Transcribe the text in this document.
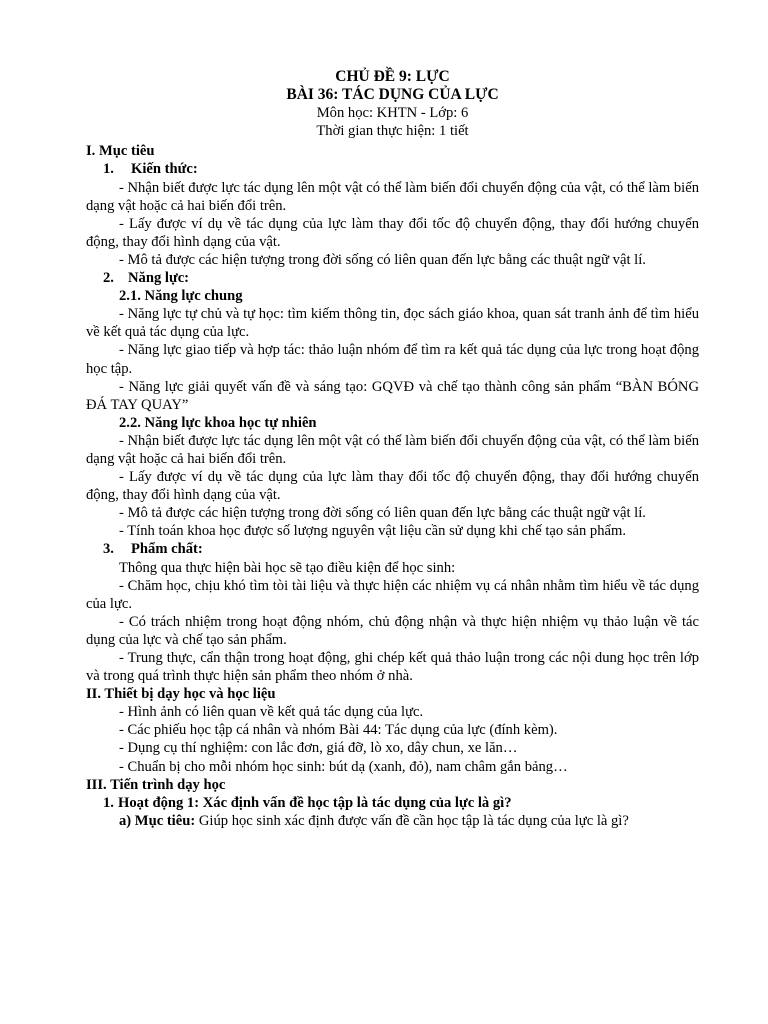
CHỦ ĐỀ 9: LỰC
BÀI 36: TÁC DỤNG CỦA LỰC
Môn học: KHTN - Lớp: 6
Thời gian thực hiện: 1 tiết
I. Mục tiêu
1. Kiến thức:
- Nhận biết được lực tác dụng lên một vật có thể làm biến đổi chuyển động của vật, có thể làm biến dạng vật hoặc cả hai biến đổi trên.
- Lấy được ví dụ về tác dụng của lực làm thay đổi tốc độ chuyển động, thay đổi hướng chuyển động, thay đổi hình dạng của vật.
- Mô tả được các hiện tượng trong đời sống có liên quan đến lực bằng các thuật ngữ vật lí.
2. Năng lực:
2.1. Năng lực chung
- Năng lực tự chủ và tự học: tìm kiếm thông tin, đọc sách giáo khoa, quan sát tranh ảnh để tìm hiểu về kết quả tác dụng của lực.
- Năng lực giao tiếp và hợp tác: thảo luận nhóm để tìm ra kết quả tác dụng của lực trong hoạt động học tập.
- Năng lực giải quyết vấn đề và sáng tạo: GQVĐ và chế tạo thành công sản phẩm “BÀN BÓNG ĐÁ TAY QUAY”
2.2. Năng lực khoa học tự nhiên
- Nhận biết được lực tác dụng lên một vật có thể làm biến đổi chuyển động của vật, có thể làm biến dạng vật hoặc cả hai biến đổi trên.
- Lấy được ví dụ về tác dụng của lực làm thay đổi tốc độ chuyển động, thay đổi hướng chuyển động, thay đổi hình dạng của vật.
- Mô tả được các hiện tượng trong đời sống có liên quan đến lực bằng các thuật ngữ vật lí.
- Tính toán khoa học được số lượng nguyên vật liệu cần sử dụng khi chế tạo sản phẩm.
3. Phẩm chất:
Thông qua thực hiện bài học sẽ tạo điều kiện để học sinh:
- Chăm học, chịu khó tìm tòi tài liệu và thực hiện các nhiệm vụ cá nhân nhằm tìm hiểu về tác dụng của lực.
- Có trách nhiệm trong hoạt động nhóm, chủ động nhận và thực hiện nhiệm vụ thảo luận về tác dụng của lực và chế tạo sản phẩm.
- Trung thực, cẩn thận trong hoạt động, ghi chép kết quả thảo luận trong các nội dung học trên lớp và trong quá trình thực hiện sản phẩm theo nhóm ở nhà.
II. Thiết bị dạy học và học liệu
- Hình ảnh có liên quan về kết quả tác dụng của lực.
- Các phiếu học tập cá nhân và nhóm Bài 44: Tác dụng của lực (đính kèm).
- Dụng cụ thí nghiệm: con lắc đơn, giá đỡ, lò xo, dây chun, xe lăn…
- Chuẩn bị cho mỗi nhóm học sinh: bút dạ (xanh, đỏ), nam châm gắn bảng…
III. Tiến trình dạy học
1. Hoạt động 1: Xác định vấn đề học tập là tác dụng của lực là gì?
a) Mục tiêu: Giúp học sinh xác định được vấn đề cần học tập là tác dụng của lực là gì?
